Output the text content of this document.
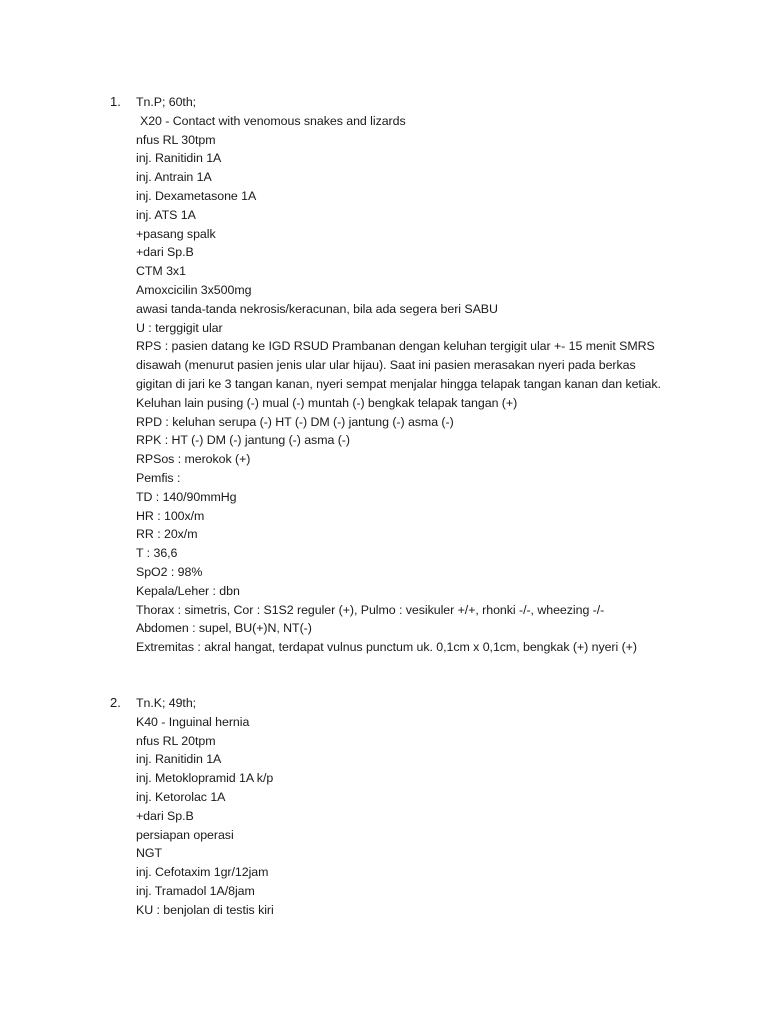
1. Tn.P; 60th;
X20 - Contact with venomous snakes and lizards
nfus RL 30tpm
inj. Ranitidin 1A
inj. Antrain 1A
inj. Dexametasone 1A
inj. ATS 1A
+pasang spalk
+dari Sp.B
CTM 3x1
Amoxcicilin 3x500mg
awasi tanda-tanda nekrosis/keracunan, bila ada segera beri SABU
U : terggigit ular
RPS : pasien datang ke IGD RSUD Prambanan dengan keluhan tergigit ular +- 15 menit SMRS
disawah (menurut pasien jenis ular ular hijau). Saat ini pasien merasakan nyeri pada berkas
gigitan di jari ke 3 tangan kanan, nyeri sempat menjalar hingga telapak tangan kanan dan ketiak.
Keluhan lain pusing (-) mual (-) muntah (-) bengkak telapak tangan (+)
RPD : keluhan serupa (-) HT (-) DM (-) jantung (-) asma (-)
RPK : HT (-) DM (-) jantung (-) asma (-)
RPSos : merokok (+)
Pemfis :
TD : 140/90mmHg
HR : 100x/m
RR : 20x/m
T : 36,6
SpO2 : 98%
Kepala/Leher : dbn
Thorax : simetris, Cor : S1S2 reguler (+), Pulmo : vesikuler +/+, rhonki -/-, wheezing -/-
Abdomen : supel, BU(+)N, NT(-)
Extremitas : akral hangat, terdapat vulnus punctum uk. 0,1cm x 0,1cm, bengkak (+) nyeri (+)
2. Tn.K; 49th;
K40 - Inguinal hernia
nfus RL 20tpm
inj. Ranitidin 1A
inj. Metoklopramid 1A k/p
inj. Ketorolac 1A
+dari Sp.B
persiapan operasi
NGT
inj. Cefotaxim 1gr/12jam
inj. Tramadol 1A/8jam
KU : benjolan di testis kiri
